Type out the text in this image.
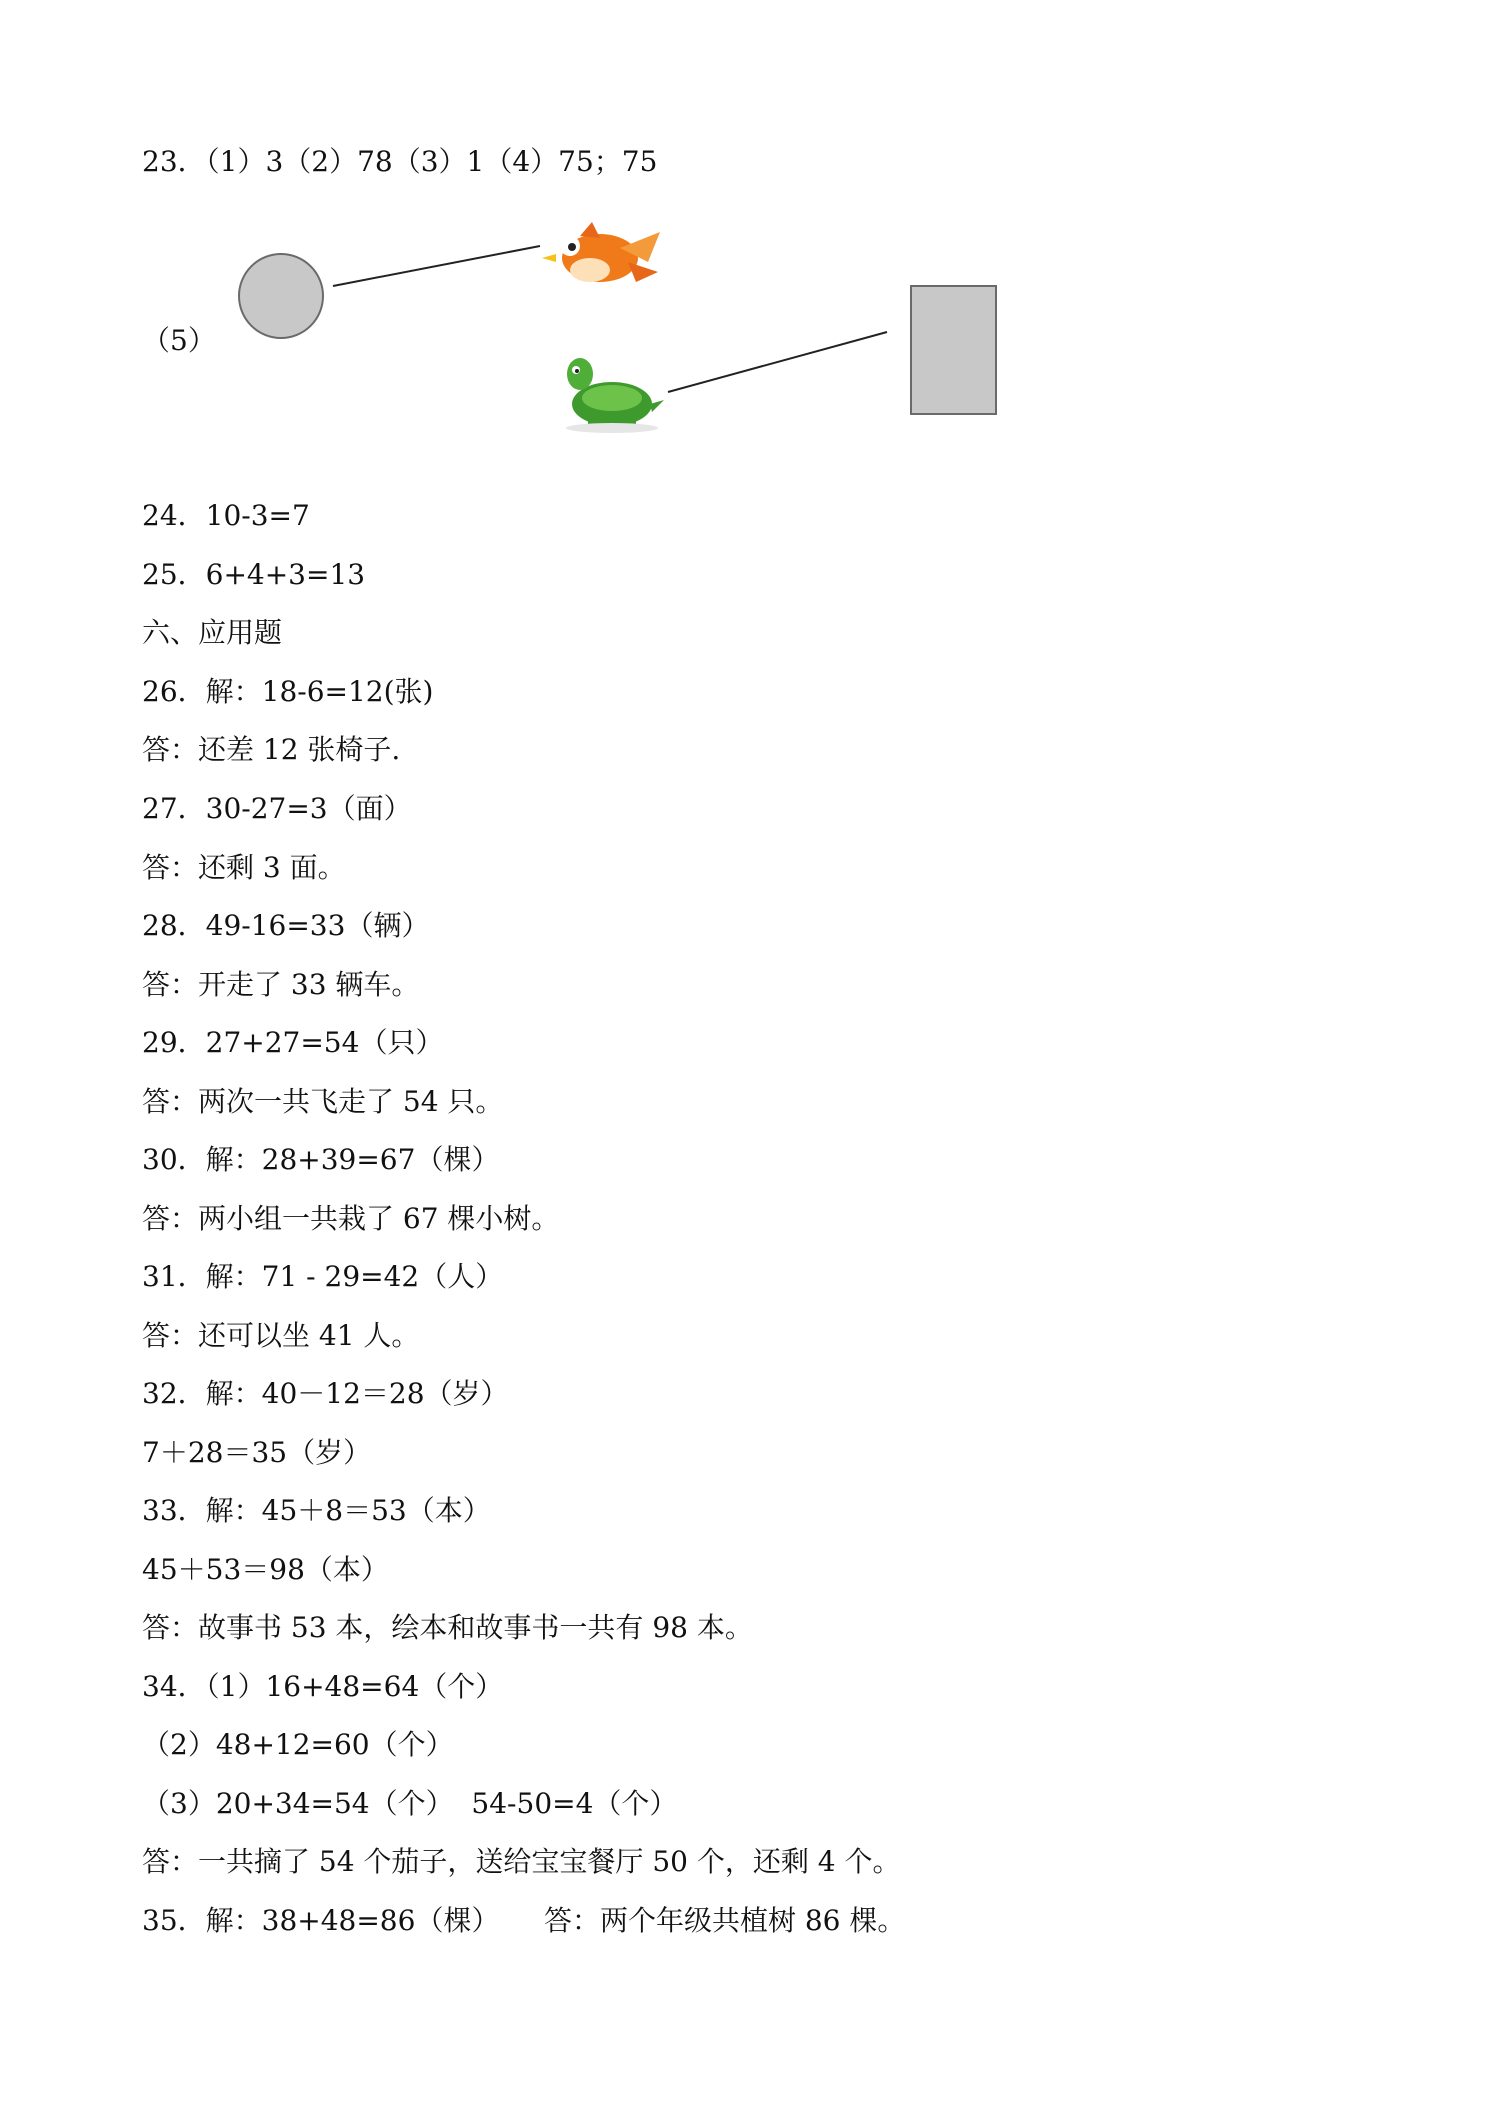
23．（1）3（2）78（3）1（4）75；75
（5）
24．10-3=7
25．6+4+3=13
六、应用题
26．解：18-6=12(张)
答：还差 12 张椅子.
27．30-27=3（面）
答：还剩 3 面。
28．49-16=33（辆）
答：开走了 33 辆车。
29．27+27=54（只）
答：两次一共飞走了 54 只。
30．解：28+39=67（棵）
答：两小组一共栽了 67 棵小树。
31．解：71 - 29=42（人）
答：还可以坐 41 人。
32．解：40－12＝28（岁）
7＋28＝35（岁）
33．解：45＋8＝53（本）
45＋53＝98（本）
答：故事书 53 本，绘本和故事书一共有 98 本。
34．（1）16+48=64（个）
（2）48+12=60（个）
（3）20+34=54（个）  54-50=4（个）
答：一共摘了 54 个茄子，送给宝宝餐厅 50 个，还剩 4 个。
35．解：38+48=86（棵）     答：两个年级共植树 86 棵。
